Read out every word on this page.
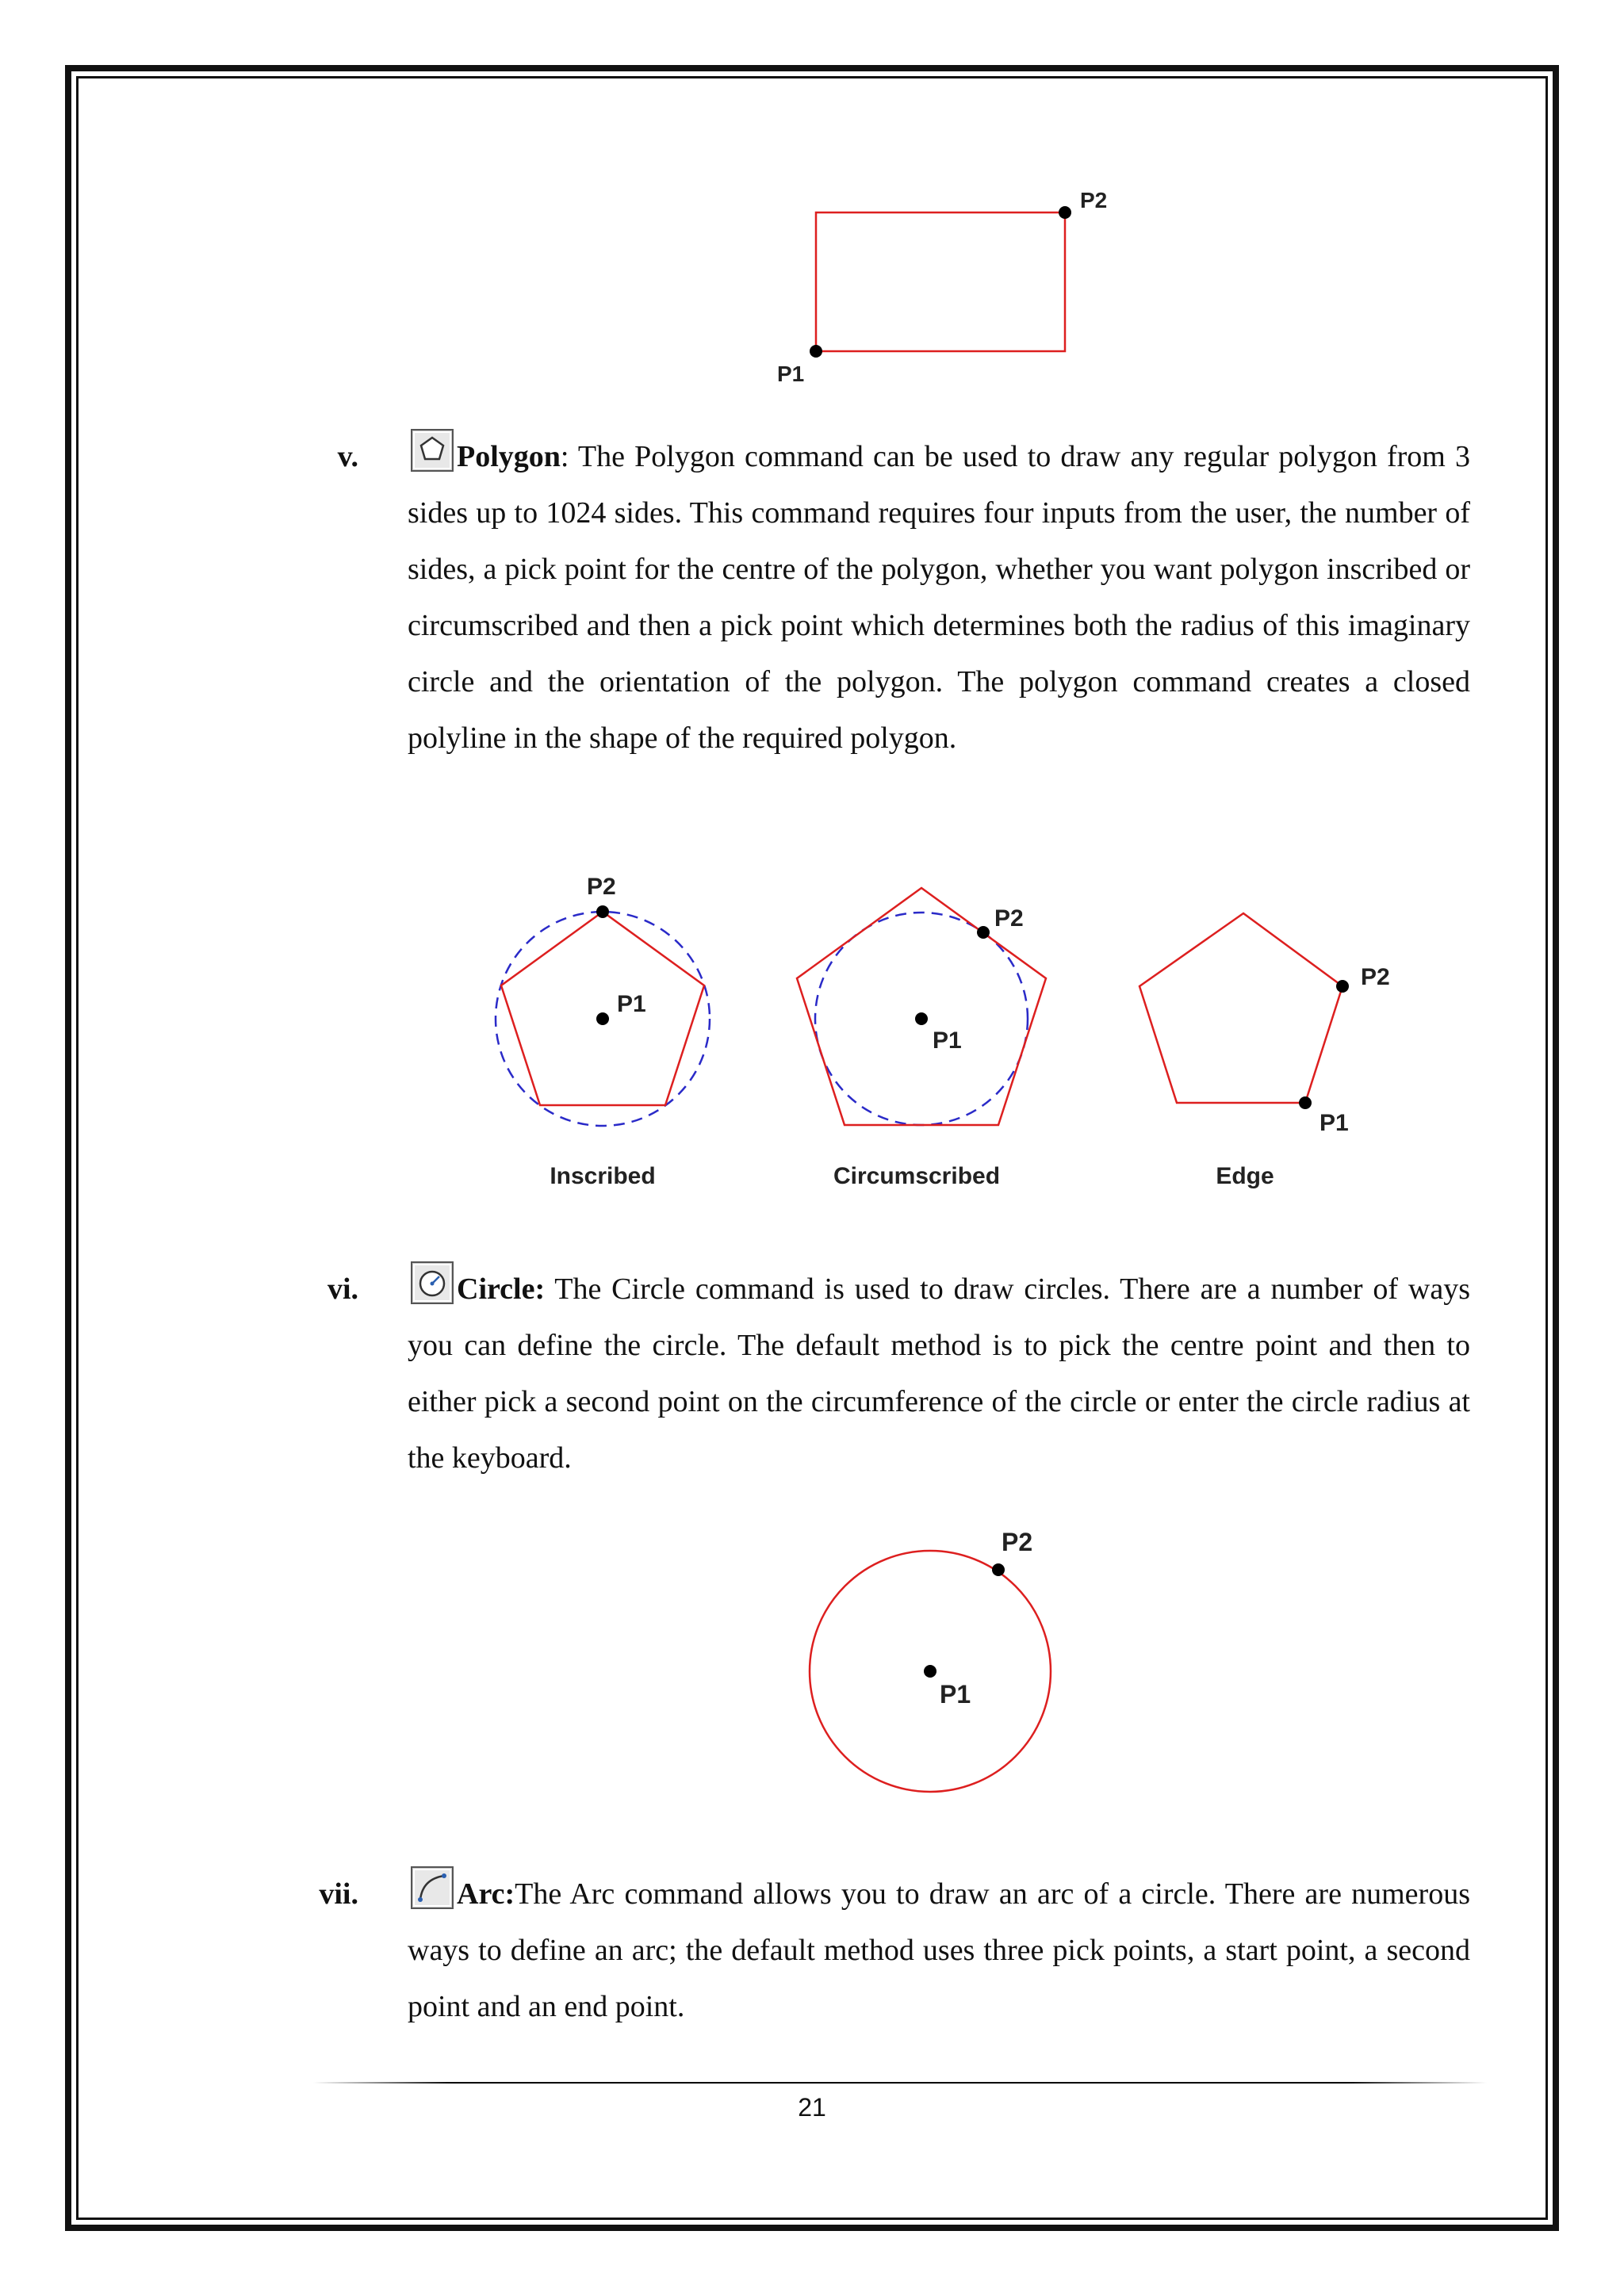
P1
P2
v.	Polygon: The Polygon command can be used to draw any regular polygon from 3 sides up to 1024 sides. This command requires four inputs from the user, the number of sides, a pick point for the centre of the polygon, whether you want polygon inscribed or circumscribed and then a pick point which determines both the radius of this imaginary circle and the orientation of the polygon. The polygon command creates a closed polyline in the shape of the required polygon.

P2
P1
Inscribed
P2
P1
Circumscribed
P2
P1
Edge
vi.	Circle: The Circle command is used to draw circles. There are a number of ways you can define the circle. The default method is to pick the centre point and then to either pick a second point on the circumference of the circle or enter the circle radius at the keyboard.

P2
P1
vii.	Arc:The Arc command allows you to draw an arc of a circle. There are numerous ways to define an arc; the default method uses three pick points, a start point, a second point and an end point.

21
